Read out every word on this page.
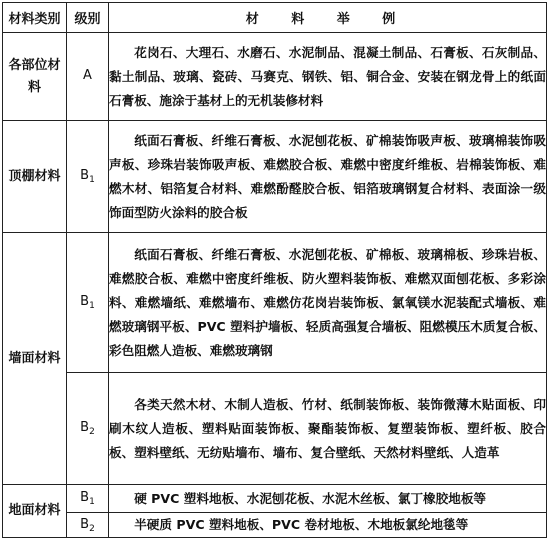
材料类别	级别	材 料 举 例
各部位材料	A	花岗石、大理石、水磨石、水泥制品、混凝土制品、石膏板、石灰制品、黏土制品、玻璃、瓷砖、马赛克、钢铁、铝、铜合金、安装在钢龙骨上的纸面石膏板、施涂于基材上的无机装修材料
顶棚材料	$B_1$	纸面石膏板、纤维石膏板、水泥刨花板、矿棉装饰吸声板、玻璃棉装饰吸声板、珍珠岩装饰吸声板、难燃胶合板、难燃中密度纤维板、岩棉装饰板、难燃木材、铝箔复合材料、难燃酚醛胶合板、铝箔玻璃钢复合材料、表面涂一级饰面型防火涂料的胶合板
墙面材料	$B_1$	纸面石膏板、纤维石膏板、水泥刨花板、矿棉板、玻璃棉板、珍珠岩板、难燃胶合板、难燃中密度纤维板、防火塑料装饰板、难燃双面刨花板、多彩涂料、难燃墙纸、难燃墙布、难燃仿花岗岩装饰板、氯氧镁水泥装配式墙板、难燃玻璃钢平板、PVC 塑料护墙板、轻质高强复合墙板、阻燃模压木质复合板、彩色阻燃人造板、难燃玻璃钢
	$B_2$	各类天然木材、木制人造板、竹材、纸制装饰板、装饰微薄木贴面板、印刷木纹人造板、塑料贴面装饰板、聚酯装饰板、复塑装饰板、塑纤板、胶合板、塑料壁纸、无纺贴墙布、墙布、复合壁纸、天然材料壁纸、人造革
地面材料	$B_1$	硬 PVC 塑料地板、水泥刨花板、水泥木丝板、氯丁橡胶地板等
	$B_2$	半硬质 PVC 塑料地板、PVC 卷材地板、木地板氯纶地毯等
